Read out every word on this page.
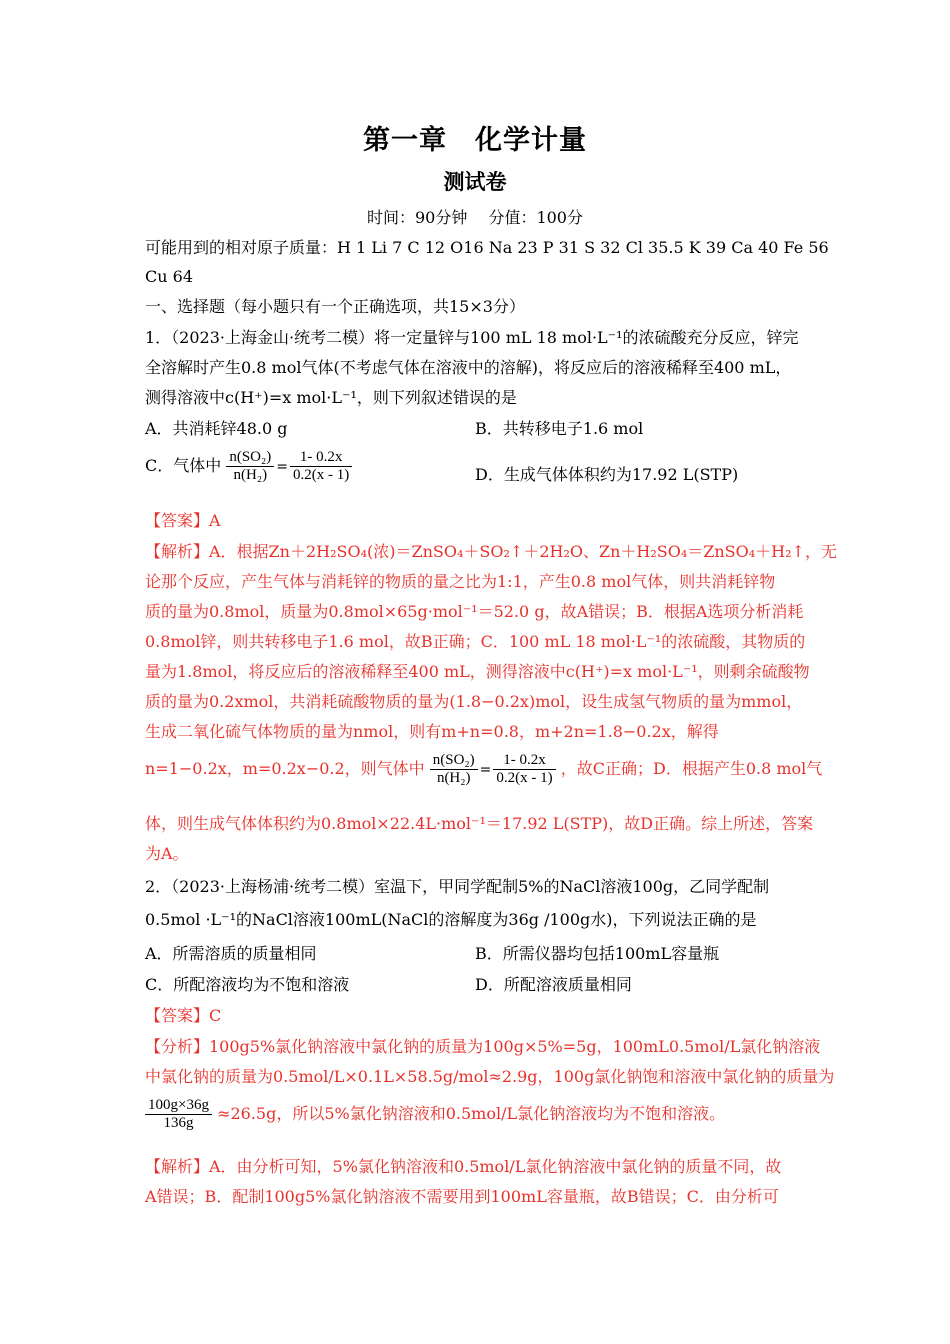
第一章　化学计量
测试卷
时间：90分钟　 分值：100分
可能用到的相对原子质量：H 1 Li 7 C 12 O16 Na 23 P 31 S 32 Cl 35.5 K 39 Ca 40 Fe 56
Cu 64
一、选择题（每小题只有一个正确选项，共15×3分）
1．（2023·上海金山·统考二模）将一定量锌与100 mL 18 mol·L⁻¹的浓硫酸充分反应，锌完
全溶解时产生0.8 mol气体(不考虑气体在溶液中的溶解)，将反应后的溶液稀释至400 mL，
测得溶液中c(H⁺)=x mol·L⁻¹，则下列叙述错误的是
A．共消耗锌48.0 g	B．共转移电子1.6 mol
C．气体中 $\frac{\text{n(SO₂)}}{\text{n(H₂)}} = \frac{1- 0.2x}{0.2(x - 1)}$	D．生成气体体积约为17.92 L(STP)
【答案】A
【解析】A．根据Zn＋2H₂SO₄(浓)＝ZnSO₄＋SO₂↑＋2H₂O、Zn＋H₂SO₄＝ZnSO₄＋H₂↑，无
论那个反应，产生气体与消耗锌的物质的量之比为1:1，产生0.8 mol气体，则共消耗锌物
质的量为0.8mol，质量为0.8mol×65g·mol⁻¹＝52.0 g，故A错误；B．根据A选项分析消耗
0.8mol锌，则共转移电子1.6 mol，故B正确；C．100 mL 18 mol·L⁻¹的浓硫酸，其物质的
量为1.8mol，将反应后的溶液稀释至400 mL，测得溶液中c(H⁺)=x mol·L⁻¹，则剩余硫酸物
质的量为0.2xmol，共消耗硫酸物质的量为(1.8−0.2x)mol，设生成氢气物质的量为mmol，
生成二氧化硫气体物质的量为nmol，则有m+n=0.8，m+2n=1.8−0.2x，解得
n=1−0.2x，m=0.2x−0.2，则气体中 $\frac{\text{n(SO₂)}}{\text{n(H₂)}} = \frac{1- 0.2x}{0.2(x - 1)}$ ，故C正确；D．根据产生0.8 mol气
体，则生成气体体积约为0.8mol×22.4L·mol⁻¹＝17.92 L(STP)，故D正确。综上所述，答案
为A。
2．（2023·上海杨浦·统考二模）室温下，甲同学配制5%的NaCl溶液100g，乙同学配制
0.5mol ·L⁻¹的NaCl溶液100mL(NaCl的溶解度为36g /100g水)，下列说法正确的是
A．所需溶质的质量相同	B．所需仪器均包括100mL容量瓶
C．所配溶液均为不饱和溶液	D．所配溶液质量相同
【答案】C
【分析】100g5%氯化钠溶液中氯化钠的质量为100g×5%=5g，100mL0.5mol/L氯化钠溶液
中氯化钠的质量为0.5mol/L×0.1L×58.5g/mol≈2.9g，100g氯化钠饱和溶液中氯化钠的质量为
$\frac{100g\times 36g}{136g} \approx 26.5g$，所以5%氯化钠溶液和0.5mol/L氯化钠溶液均为不饱和溶液。
【解析】A．由分析可知，5%氯化钠溶液和0.5mol/L氯化钠溶液中氯化钠的质量不同，故
A错误；B．配制100g5%氯化钠溶液不需要用到100mL容量瓶，故B错误；C．由分析可
